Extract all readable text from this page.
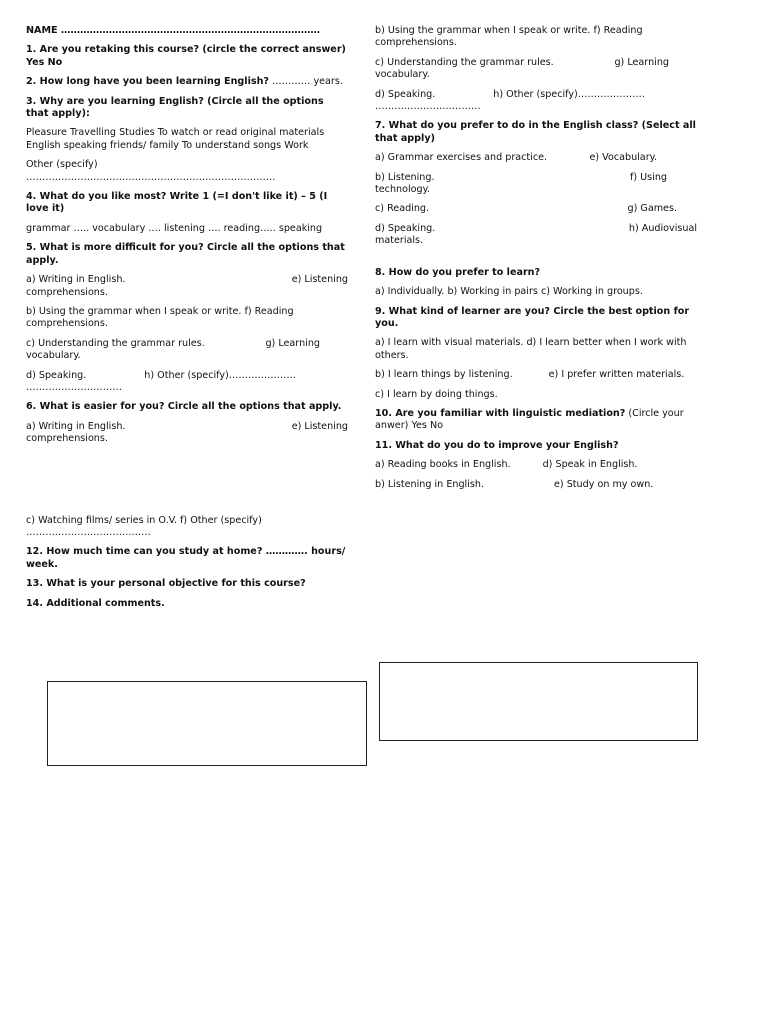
NAME ………………………………………………………………………

1. Are you retaking this course? (circle the correct answer) Yes No

2. How long have you been learning English? ………… years.

3. Why are you learning English? (Circle all the options that apply):

Pleasure Travelling Studies To watch or read original materials English speaking friends/ family To understand songs Work

Other (specify)
……………………………………………………………………

4. What do you like most? Write 1 (=I don't like it) – 5 (I love it)

grammar ….. vocabulary …. listening …. reading….. speaking

5. What is more difficult for you? Circle all the options that apply.

a) Writing in English.	e) Listening
comprehensions.

b) Using the grammar when I speak or write. f) Reading comprehensions.

c) Understanding the grammar rules.	g) Learning
vocabulary.

d) Speaking.	h) Other (specify)…………………
…………………………

6. What is easier for you? Circle all the options that apply.

a) Writing in English.	e) Listening
comprehensions.

c) Watching films/ series in O.V. f) Other (specify)
…………………………………

12. How much time can you study at home? …………. hours/ week.

13. What is your personal objective for this course?

14. Additional comments.

b) Using the grammar when I speak or write. f) Reading comprehensions.

c) Understanding the grammar rules.	g) Learning
vocabulary.

d) Speaking.	h) Other (specify)…………………
……………………………

7. What do you prefer to do in the English class? (Select all that apply)

a) Grammar exercises and practice.	e) Vocabulary.

b) Listening.	f) Using
technology.

c) Reading.	g) Games.

d) Speaking.	h) Audiovisual
materials.

8. How do you prefer to learn?

a) Individually. b) Working in pairs c) Working in groups.

9. What kind of learner are you? Circle the best option for you.

a) I learn with visual materials. d) I learn better when I work with others.

b) I learn things by listening.	e) I prefer written materials.

c) I learn by doing things.

10. Are you familiar with linguistic mediation? (Circle your anwer) Yes No

11. What do you do to improve your English?

a) Reading books in English.	d) Speak in English.

b) Listening in English.	e) Study on my own.
